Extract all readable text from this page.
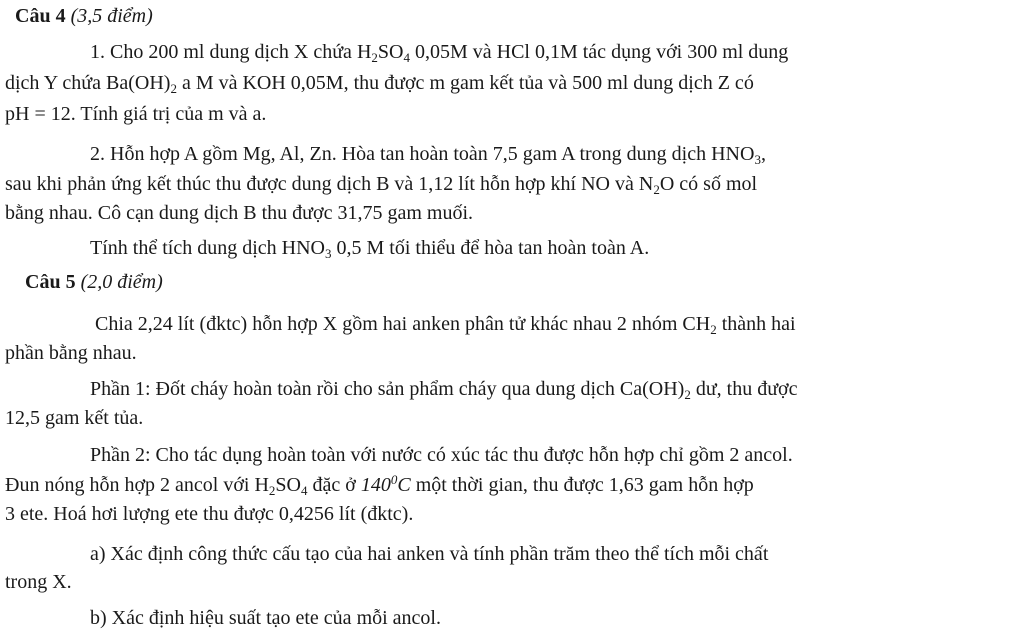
Câu 4 (3,5 điểm)
1. Cho 200 ml dung dịch X chứa $H_2SO_4$ 0,05M và HCl 0,1M tác dụng với 300 ml dung
dịch Y chứa $Ba(OH)_2$ a M và KOH 0,05M, thu được m gam kết tủa và 500 ml dung dịch Z có
pH = 12. Tính giá trị của m và a.
2. Hỗn hợp A gồm Mg, Al, Zn. Hòa tan hoàn toàn 7,5 gam A trong dung dịch $HNO_3$,
sau khi phản ứng kết thúc thu được dung dịch B và 1,12 lít hỗn hợp khí NO và $N_2O$ có số mol
bằng nhau. Cô cạn dung dịch B thu được 31,75 gam muối.
Tính thể tích dung dịch $HNO_3$ 0,5 M tối thiểu để hòa tan hoàn toàn A.
Câu 5 (2,0 điểm)
Chia 2,24 lít (đktc) hỗn hợp X gồm hai anken phân tử khác nhau 2 nhóm $CH_2$ thành hai
phần bằng nhau.
Phần 1: Đốt cháy hoàn toàn rồi cho sản phẩm cháy qua dung dịch $Ca(OH)_2$ dư, thu được
12,5 gam kết tủa.
Phần 2: Cho tác dụng hoàn toàn với nước có xúc tác thu được hỗn hợp chỉ gồm 2 ancol.
Đun nóng hỗn hợp 2 ancol với $H_2SO_4$ đặc ở $140^0C$ một thời gian, thu được 1,63 gam hỗn hợp
3 ete. Hoá hơi lượng ete thu được 0,4256 lít (đktc).
a) Xác định công thức cấu tạo của hai anken và tính phần trăm theo thể tích mỗi chất
trong X.
b) Xác định hiệu suất tạo ete của mỗi ancol.
